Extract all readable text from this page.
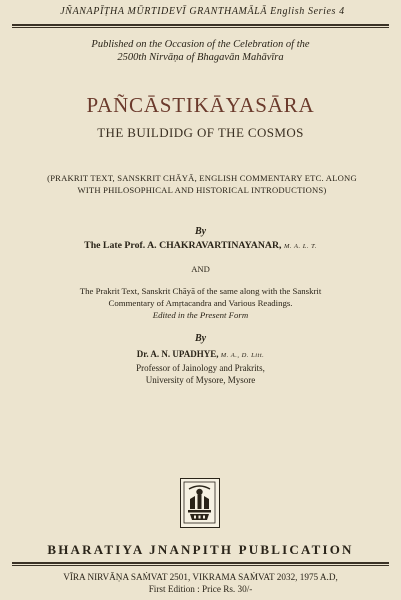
JÑANAPĪṬHA MŪRTIDEVĪ GRANTHAMĀLĀ English Series 4
Published on the Occasion of the Celebration of the
2500th Nirvāṇa of Bhagavān Mahāvīra
PAÑCĀSTIKĀYASĀRA
THE BUILDIDG OF THE COSMOS
(PRAKRIT TEXT, SANSKRIT CHĀYĀ, ENGLISH COMMENTARY ETC. ALONG
WITH PHILOSOPHICAL AND HISTORICAL INTRODUCTIONS)
By
The Late Prof. A. CHAKRAVARTINAYANAR, M. A. L. T.
AND
The Prakrit Text, Sanskrit Chāyā of the same along with the Sanskrit
Commentary of Amṛtacandra and Various Readings.
Edited in the Present Form
By
Dr. A. N. UPADHYE, M. A., D. Litt.
Professor of Jainology and Prakrits,
University of Mysore, Mysore
BHARATIYA JNANPITH PUBLICATION
VĪRA NIRVĀṆA SAṀVAT 2501, VIKRAMA SAṀVAT 2032, 1975 A.D,
First Edition : Price Rs. 30/-
